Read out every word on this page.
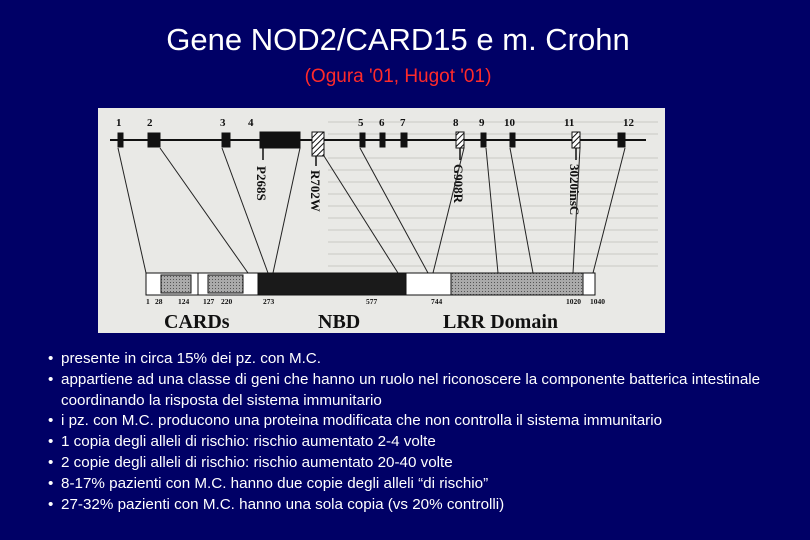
Gene NOD2/CARD15 e m. Crohn
(Ogura '01, Hugot '01)
1 2	3 4	5 6 7	8 9 10	11	12
P268S	R702W	G908R	3020insC
1 28 124 127 220	273	577	744	1020 1040
CARDs	NBD	LRR Domain
• presente in circa 15% dei pz. con M.C.
• appartiene ad una classe di geni che hanno un ruolo nel riconoscere la componente batterica intestinale coordinando la risposta del sistema immunitario
• i pz. con M.C. producono una proteina modificata che non controlla il sistema immunitario
• 1 copia degli alleli di rischio: rischio aumentato 2-4 volte
• 2 copie degli alleli di rischio: rischio aumentato 20-40 volte
• 8-17% pazienti con M.C. hanno due copie degli alleli “di rischio”
• 27-32% pazienti con M.C. hanno una sola copia (vs 20% controlli)
